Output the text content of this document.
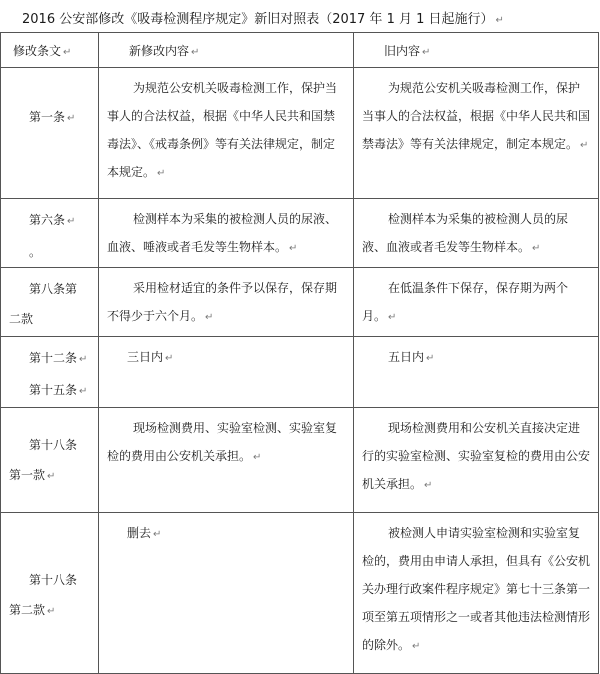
2016 公安部修改《吸毒检测程序规定》新旧对照表（2017 年 1 月 1 日起施行） ↵
修改条文 ↵	新修改内容 ↵	旧内容 ↵

第一条 ↵	为规范公安机关吸毒检测工作，保护当事人的合法权益，根据《中华人民共和国禁毒法》、《戒毒条例》等有关法律规定，制定本规定。 ↵	为规范公安机关吸毒检测工作，保护当事人的合法权益，根据《中华人民共和国禁毒法》等有关法律规定，制定本规定。 ↵

第六条 ↵
。	检测样本为采集的被检测人员的尿液、血液、唾液或者毛发等生物样本。 ↵	检测样本为采集的被检测人员的尿液、血液或者毛发等生物样本。 ↵

第八条第
二款	采用检材适宜的条件予以保存，保存期不得少于六个月。 ↵	在低温条件下保存，保存期为两个月。 ↵

第十二条 ↵
第十五条 ↵	三日内 ↵	五日内 ↵

第十八条
第一款 ↵	现场检测费用、实验室检测、实验室复检的费用由公安机关承担。 ↵	现场检测费用和公安机关直接决定进行的实验室检测、实验室复检的费用由公安机关承担。 ↵

第十八条
第二款 ↵	删去 ↵	被检测人申请实验室检测和实验室复检的，费用由申请人承担，但具有《公安机关办理行政案件程序规定》第七十三条第一项至第五项情形之一或者其他违法检测情形的除外。 ↵
